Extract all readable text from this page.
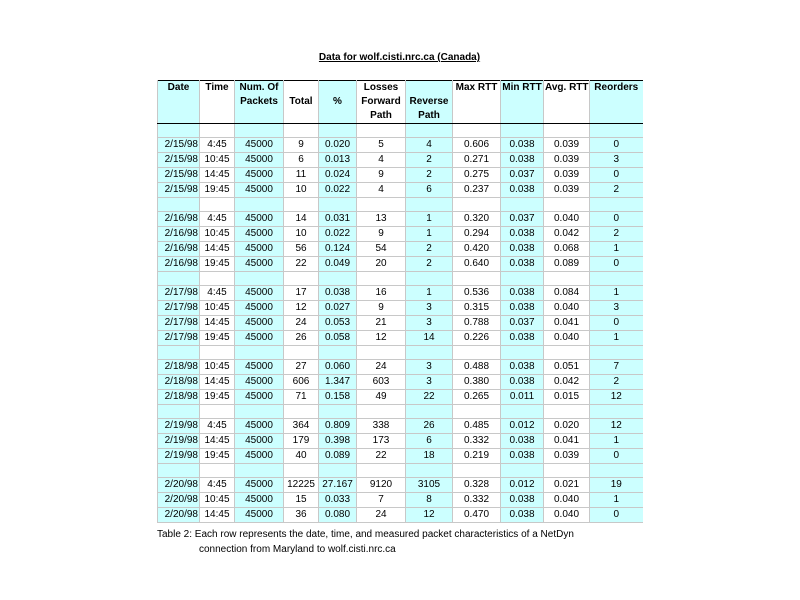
Data for wolf.cisti.nrc.ca (Canada)
Date	Time	Num. Of			Losses		Max RTT	Min RTT	Avg. RTT	Reorders
		Packets	Total	%	Forward	Reverse				
					Path	Path				

2/15/98	4:45	45000	9	0.020	5	4	0.606	0.038	0.039	0
2/15/98	10:45	45000	6	0.013	4	2	0.271	0.038	0.039	3
2/15/98	14:45	45000	11	0.024	9	2	0.275	0.037	0.039	0
2/15/98	19:45	45000	10	0.022	4	6	0.237	0.038	0.039	2

2/16/98	4:45	45000	14	0.031	13	1	0.320	0.037	0.040	0
2/16/98	10:45	45000	10	0.022	9	1	0.294	0.038	0.042	2
2/16/98	14:45	45000	56	0.124	54	2	0.420	0.038	0.068	1
2/16/98	19:45	45000	22	0.049	20	2	0.640	0.038	0.089	0

2/17/98	4:45	45000	17	0.038	16	1	0.536	0.038	0.084	1
2/17/98	10:45	45000	12	0.027	9	3	0.315	0.038	0.040	3
2/17/98	14:45	45000	24	0.053	21	3	0.788	0.037	0.041	0
2/17/98	19:45	45000	26	0.058	12	14	0.226	0.038	0.040	1

2/18/98	10:45	45000	27	0.060	24	3	0.488	0.038	0.051	7
2/18/98	14:45	45000	606	1.347	603	3	0.380	0.038	0.042	2
2/18/98	19:45	45000	71	0.158	49	22	0.265	0.011	0.015	12

2/19/98	4:45	45000	364	0.809	338	26	0.485	0.012	0.020	12
2/19/98	14:45	45000	179	0.398	173	6	0.332	0.038	0.041	1
2/19/98	19:45	45000	40	0.089	22	18	0.219	0.038	0.039	0

2/20/98	4:45	45000	12225	27.167	9120	3105	0.328	0.012	0.021	19
2/20/98	10:45	45000	15	0.033	7	8	0.332	0.038	0.040	1
2/20/98	14:45	45000	36	0.080	24	12	0.470	0.038	0.040	0
Table 2: Each row represents the date, time, and measured packet characteristics of a NetDyn
connection from Maryland to wolf.cisti.nrc.ca
